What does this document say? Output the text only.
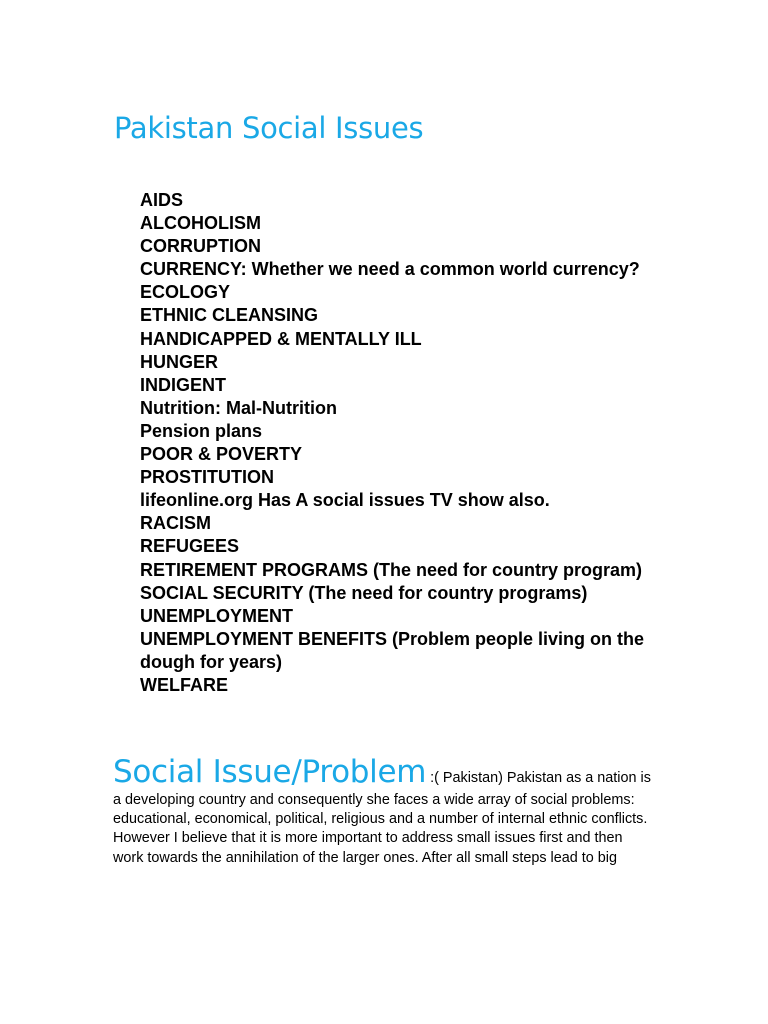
Pakistan Social Issues
AIDS
ALCOHOLISM
CORRUPTION
CURRENCY: Whether we need a common world currency?
ECOLOGY
ETHNIC CLEANSING
HANDICAPPED & MENTALLY ILL
HUNGER
INDIGENT
Nutrition: Mal-Nutrition
Pension plans
POOR & POVERTY
PROSTITUTION
lifeonline.org Has A social issues TV show also.
RACISM
REFUGEES
RETIREMENT PROGRAMS (The need for country program)
SOCIAL SECURITY (The need for country programs)
UNEMPLOYMENT
UNEMPLOYMENT BENEFITS (Problem people living on the dough for years)
WELFARE

Social Issue/Problem :( Pakistan) Pakistan as a nation is a developing country and consequently she faces a wide array of social problems: educational, economical, political, religious and a number of internal ethnic conflicts. However I believe that it is more important to address small issues first and then work towards the annihilation of the larger ones. After all small steps lead to big
